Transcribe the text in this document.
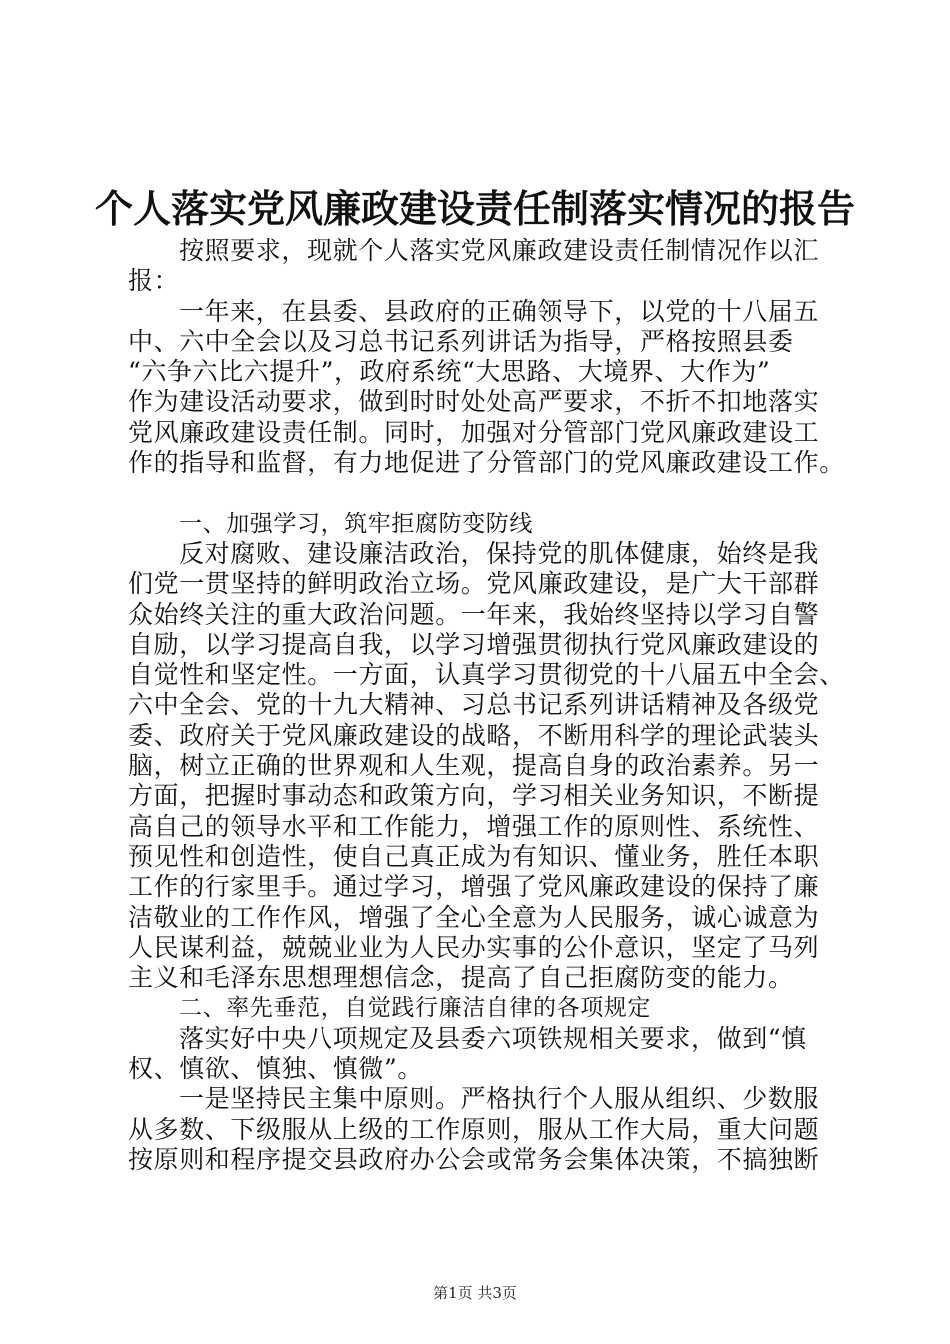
个人落实党风廉政建设责任制落实情况的报告
按照要求，现就个人落实党风廉政建设责任制情况作以汇
报：
一年来，在县委、县政府的正确领导下，以党的十八届五
中、六中全会以及习总书记系列讲话为指导，严格按照县委
“六争六比六提升”，政府系统“大思路、大境界、大作为”
作为建设活动要求，做到时时处处高严要求，不折不扣地落实
党风廉政建设责任制。同时，加强对分管部门党风廉政建设工
作的指导和监督，有力地促进了分管部门的党风廉政建设工作。
一、加强学习，筑牢拒腐防变防线
反对腐败、建设廉洁政治，保持党的肌体健康，始终是我
们党一贯坚持的鲜明政治立场。党风廉政建设，是广大干部群
众始终关注的重大政治问题。一年来，我始终坚持以学习自警
自励，以学习提高自我，以学习增强贯彻执行党风廉政建设的
自觉性和坚定性。一方面，认真学习贯彻党的十八届五中全会、
六中全会、党的十九大精神、习总书记系列讲话精神及各级党
委、政府关于党风廉政建设的战略，不断用科学的理论武装头
脑，树立正确的世界观和人生观，提高自身的政治素养。另一
方面，把握时事动态和政策方向，学习相关业务知识，不断提
高自己的领导水平和工作能力，增强工作的原则性、系统性、
预见性和创造性，使自己真正成为有知识、懂业务，胜任本职
工作的行家里手。通过学习，增强了党风廉政建设的保持了廉
洁敬业的工作作风，增强了全心全意为人民服务，诚心诚意为
人民谋利益，兢兢业业为人民办实事的公仆意识，坚定了马列
主义和毛泽东思想理想信念，提高了自己拒腐防变的能力。
二、率先垂范，自觉践行廉洁自律的各项规定
落实好中央八项规定及县委六项铁规相关要求，做到“慎
权、慎欲、慎独、慎微”。
一是坚持民主集中原则。严格执行个人服从组织、少数服
从多数、下级服从上级的工作原则，服从工作大局，重大问题
按原则和程序提交县政府办公会或常务会集体决策，不搞独断
第1页 共3页
